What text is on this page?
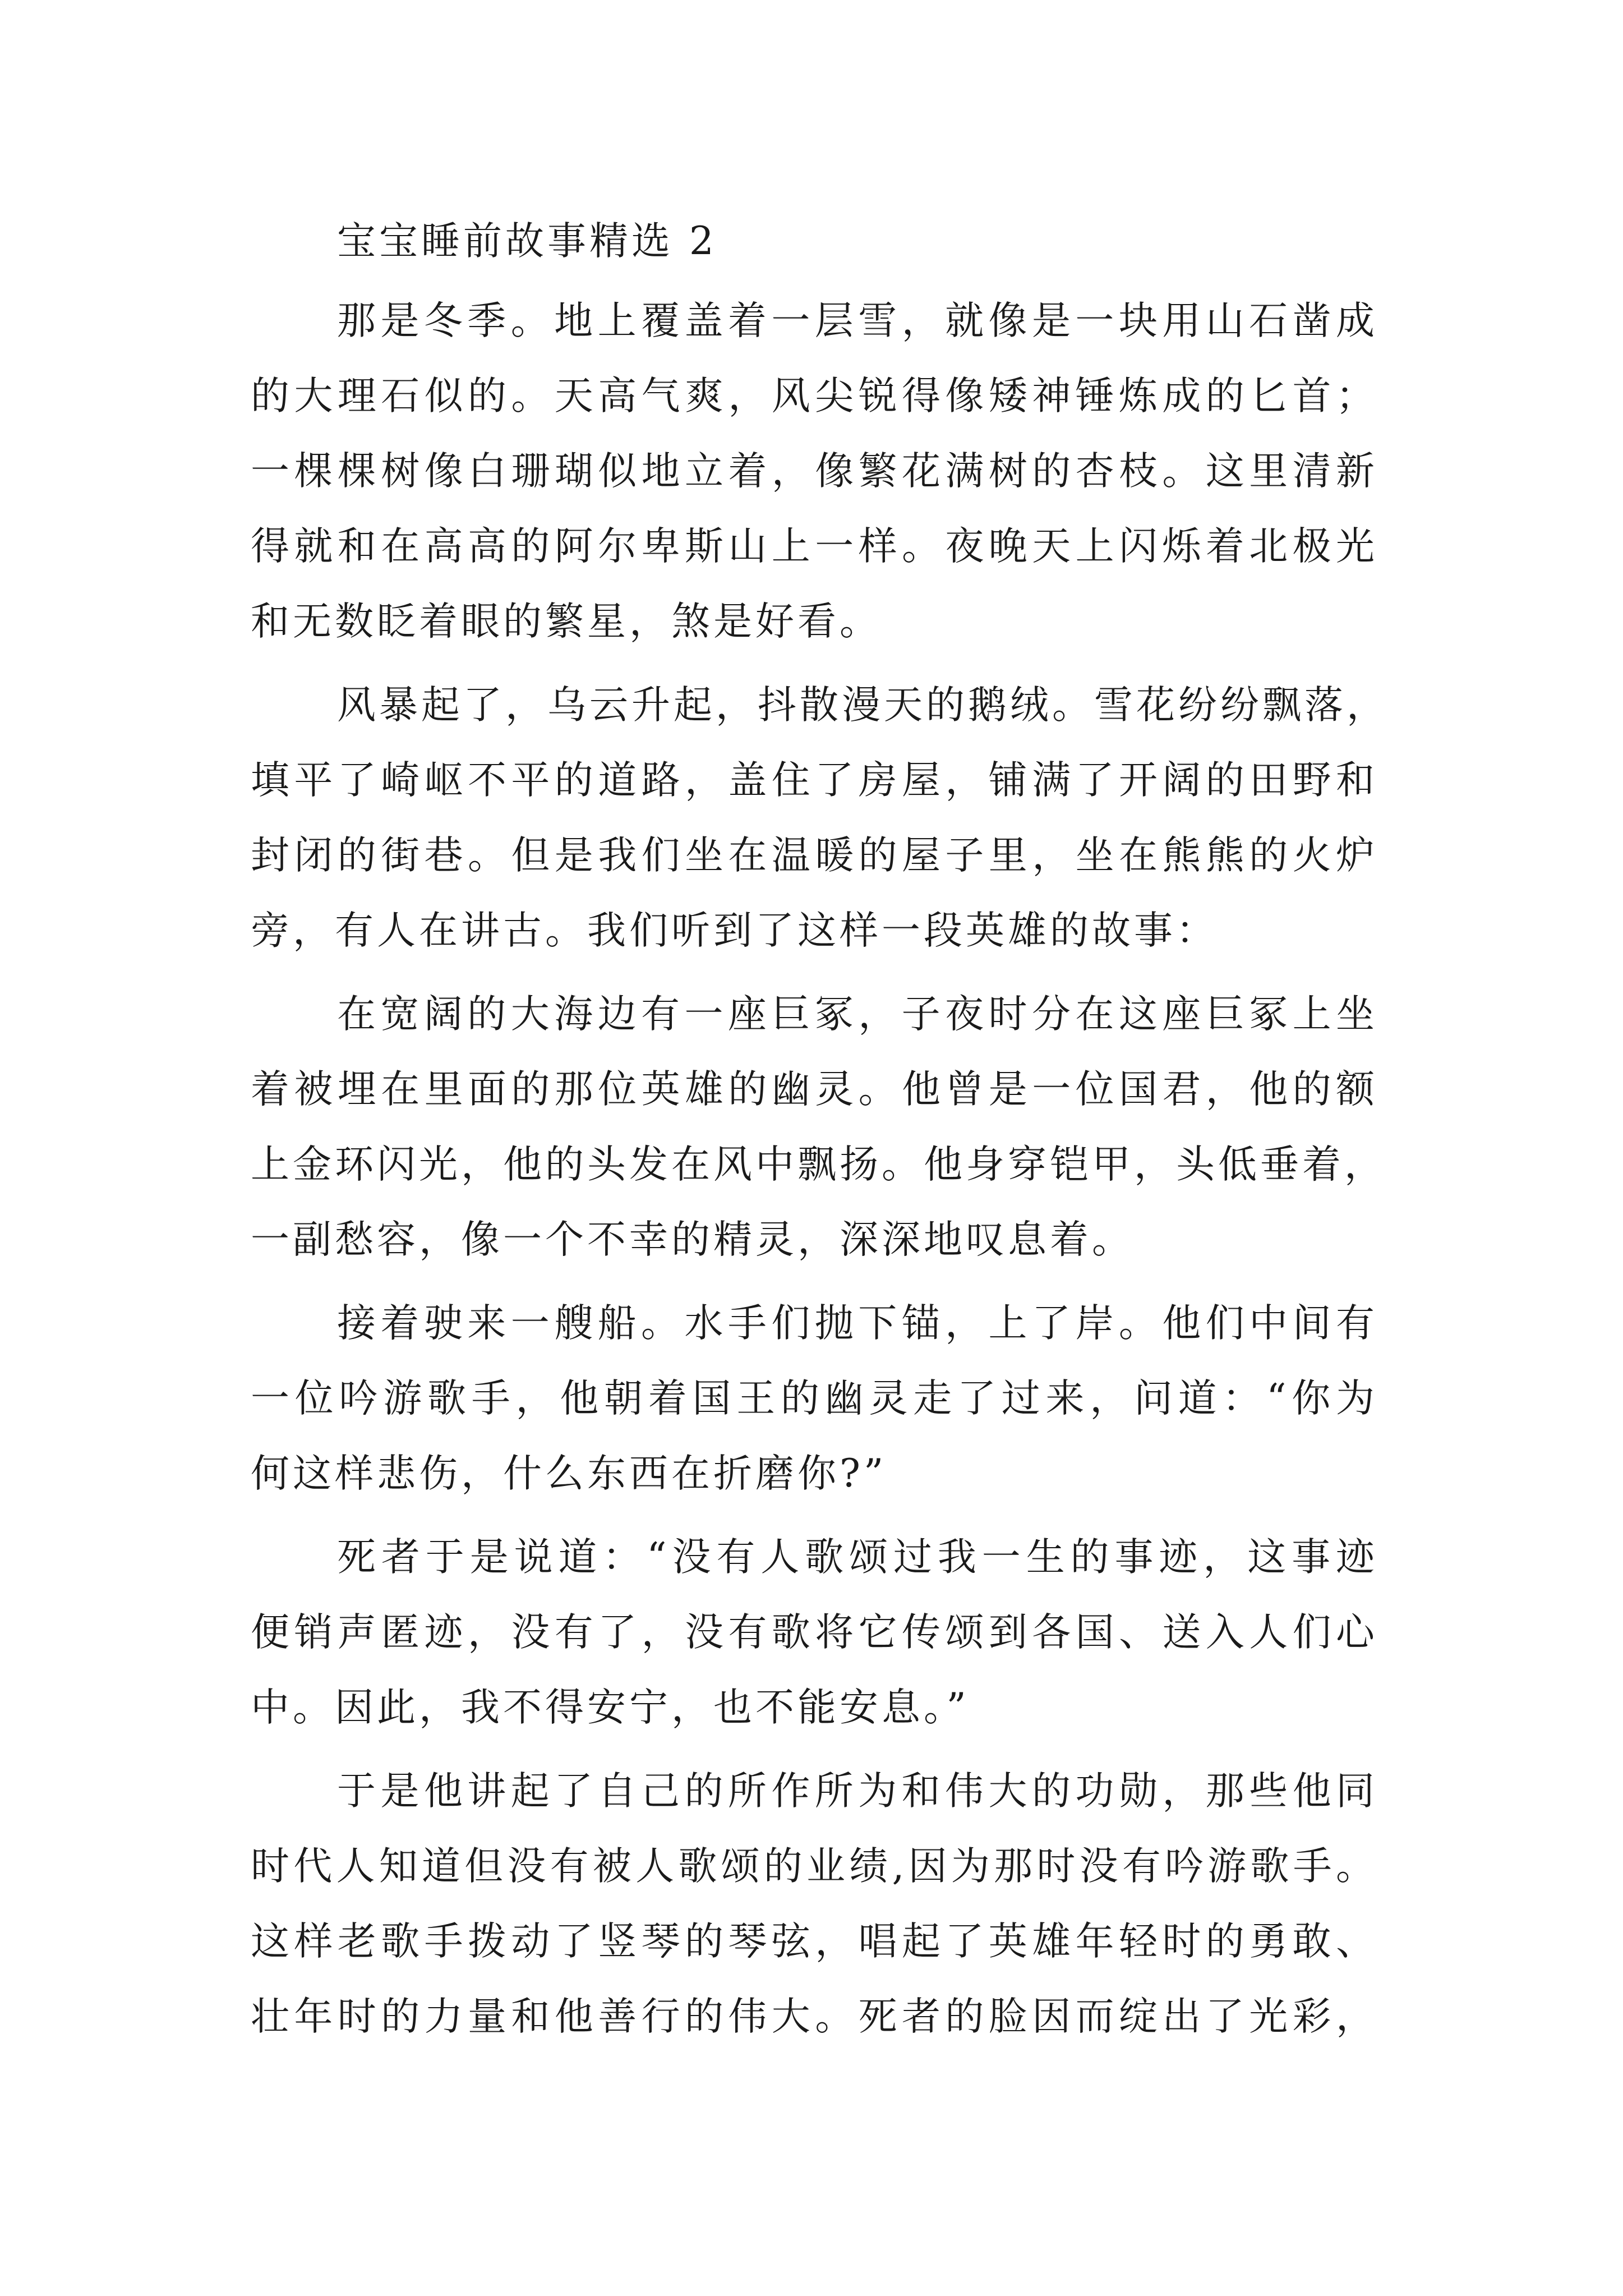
宝宝睡前故事精选 2
那是冬季。地上覆盖着一层雪，就像是一块用山石凿成
的大理石似的。天高气爽，风尖锐得像矮神锤炼成的匕首；
一棵棵树像白珊瑚似地立着，像繁花满树的杏枝。这里清新
得就和在高高的阿尔卑斯山上一样。夜晚天上闪烁着北极光
和无数眨着眼的繁星，煞是好看。
风暴起了，乌云升起，抖散漫天的鹅绒。雪花纷纷飘落，
填平了崎岖不平的道路，盖住了房屋，铺满了开阔的田野和
封闭的街巷。但是我们坐在温暖的屋子里，坐在熊熊的火炉
旁，有人在讲古。我们听到了这样一段英雄的故事：
在宽阔的大海边有一座巨冢，子夜时分在这座巨冢上坐
着被埋在里面的那位英雄的幽灵。他曾是一位国君，他的额
上金环闪光，他的头发在风中飘扬。他身穿铠甲，头低垂着，
一副愁容，像一个不幸的精灵，深深地叹息着。
接着驶来一艘船。水手们抛下锚，上了岸。他们中间有
一位吟游歌手，他朝着国王的幽灵走了过来，问道：“你为
何这样悲伤，什么东西在折磨你?”
死者于是说道：“没有人歌颂过我一生的事迹，这事迹
便销声匿迹，没有了，没有歌将它传颂到各国、送入人们心
中。因此，我不得安宁，也不能安息。”
于是他讲起了自己的所作所为和伟大的功勋，那些他同
时代人知道但没有被人歌颂的业绩,因为那时没有吟游歌手。
这样老歌手拨动了竖琴的琴弦，唱起了英雄年轻时的勇敢、
壮年时的力量和他善行的伟大。死者的脸因而绽出了光彩，
